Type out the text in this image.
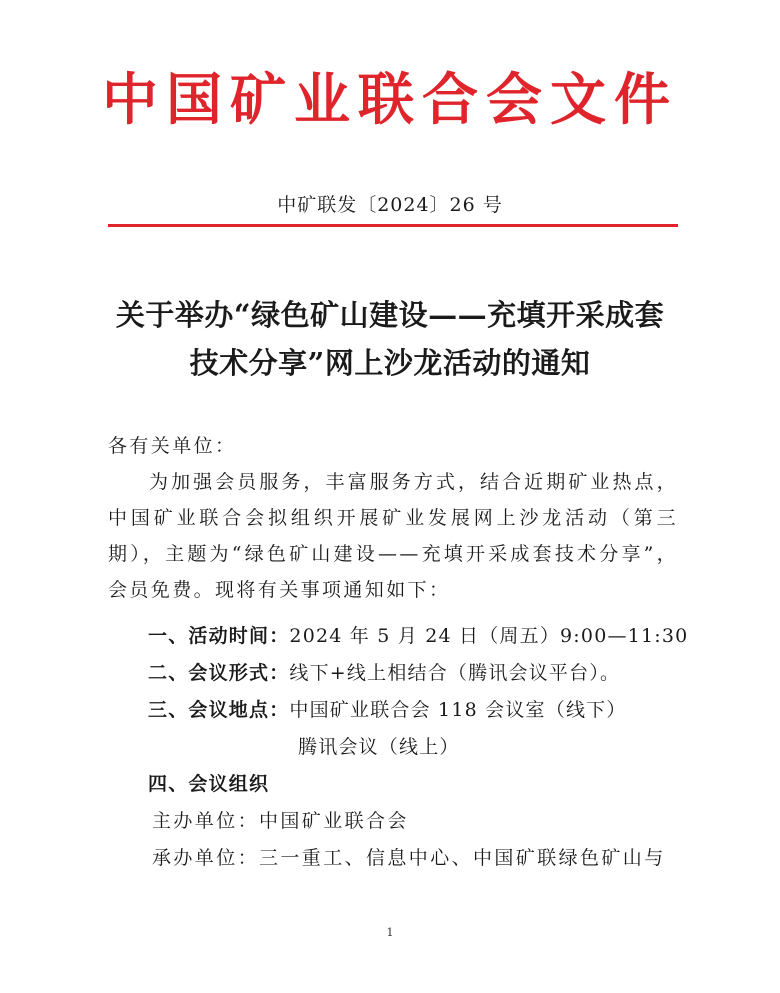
中国矿业联合会文件
中矿联发〔2024〕26 号
关于举办“绿色矿山建设——充填开采成套
技术分享”网上沙龙活动的通知
各有关单位：
为加强会员服务，丰富服务方式，结合近期矿业热点，中国矿业联合会拟组织开展矿业发展网上沙龙活动（第三期），主题为“绿色矿山建设——充填开采成套技术分享”，会员免费。现将有关事项通知如下：
一、活动时间：2024 年 5 月 24 日（周五）9:00—11:30
二、会议形式：线下+线上相结合（腾讯会议平台）。
三、会议地点：中国矿业联合会 118 会议室（线下）
腾讯会议（线上）
四、会议组织
主办单位：中国矿业联合会
承办单位：三一重工、信息中心、中国矿联绿色矿山与
1
